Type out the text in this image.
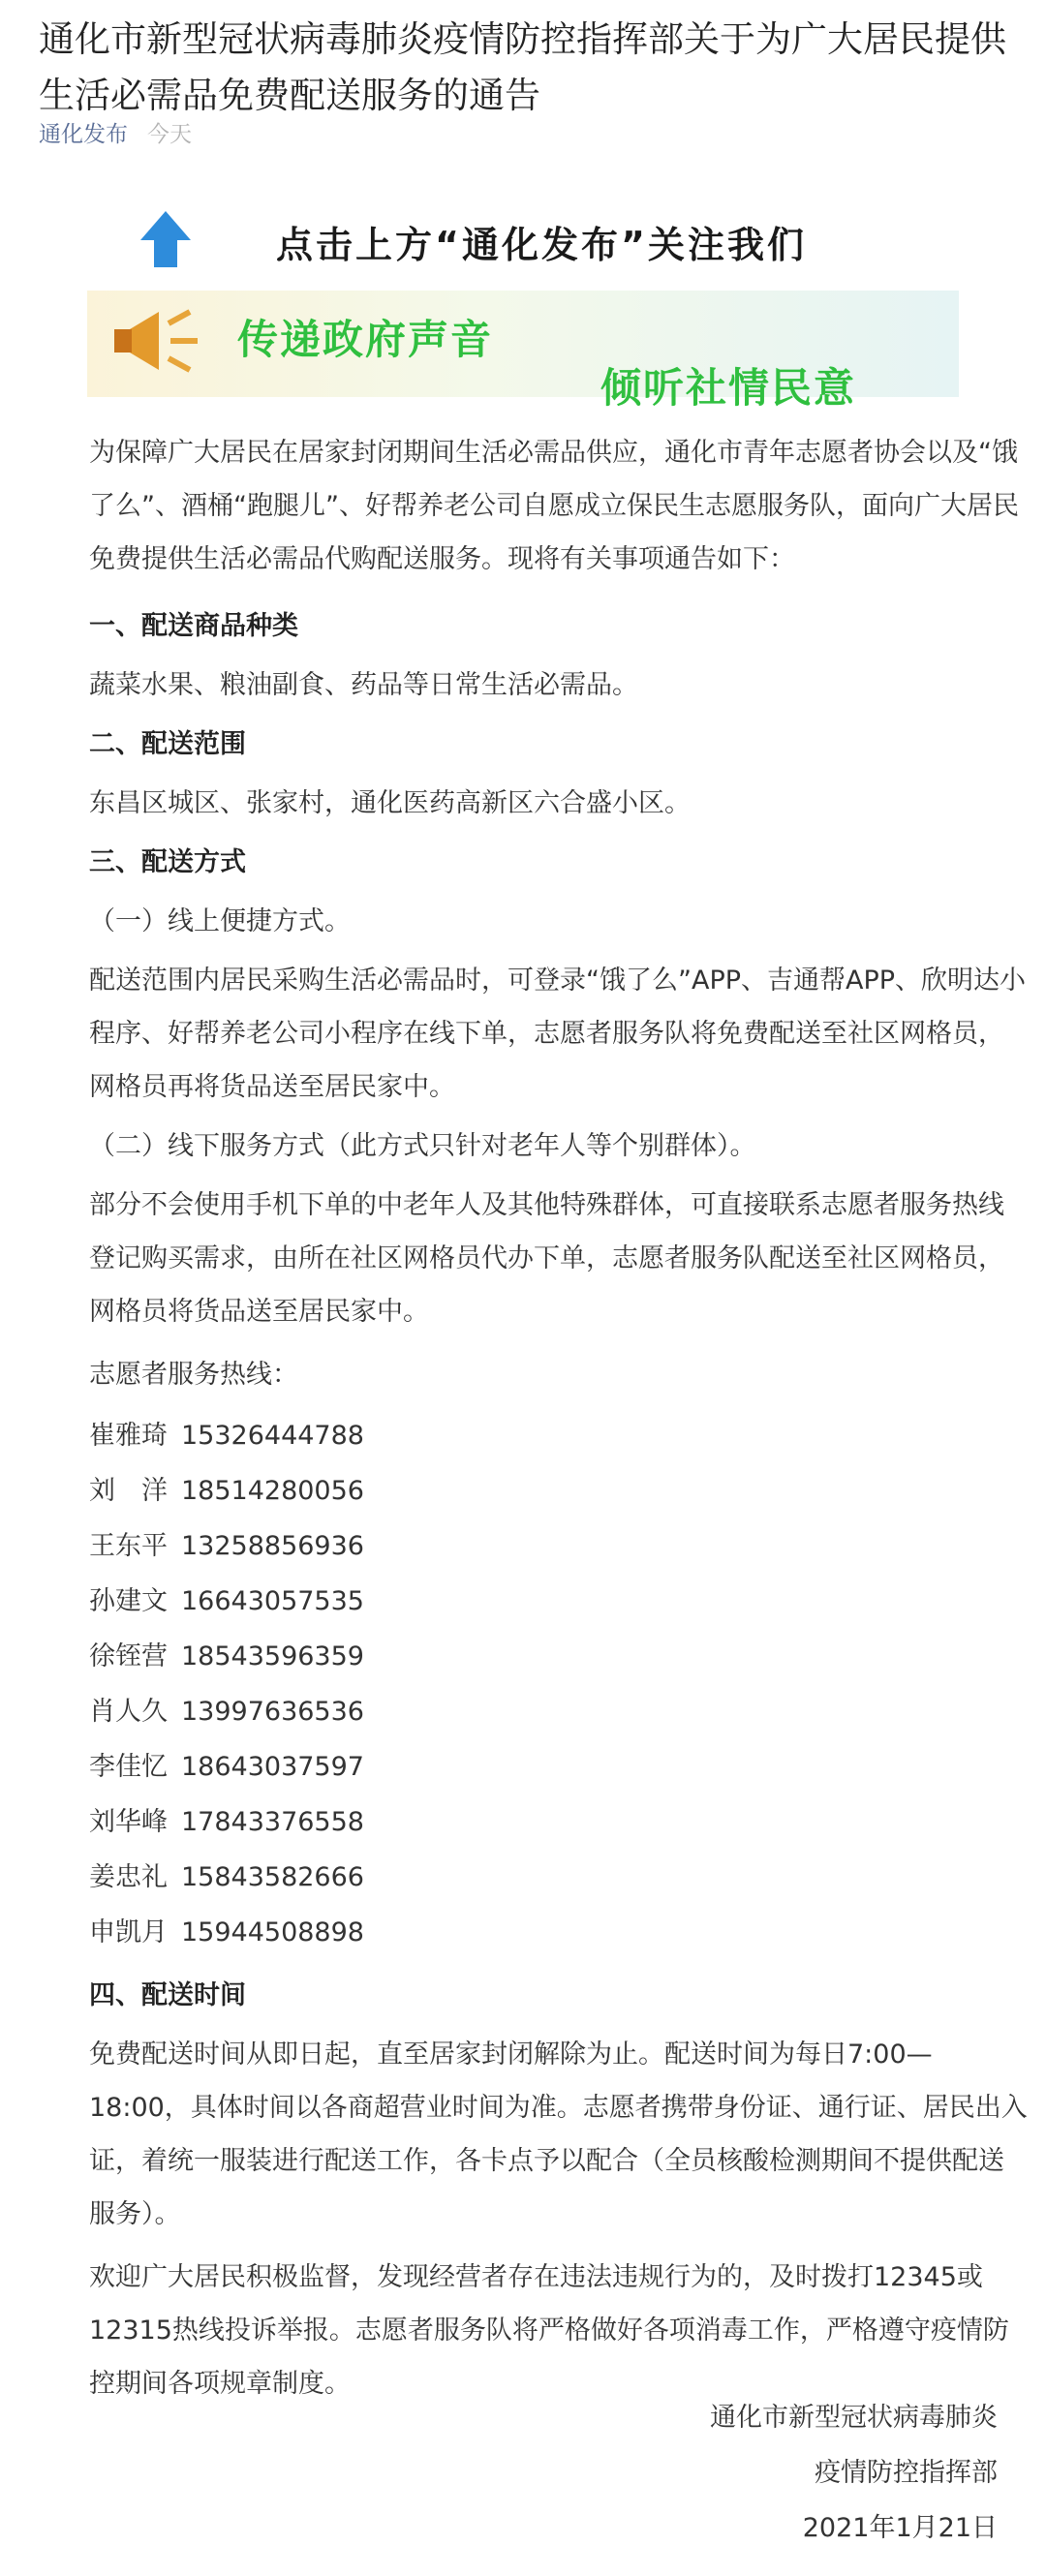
通化市新型冠状病毒肺炎疫情防控指挥部关于为广大居民提供生活必需品免费配送服务的通告
通化发布 今天
点击上方“通化发布”关注我们
传递政府声音
倾听社情民意

为保障广大居民在居家封闭期间生活必需品供应，通化市青年志愿者协会以及“饿了么”、酒桶“跑腿儿”、好帮养老公司自愿成立保民生志愿服务队，面向广大居民免费提供生活必需品代购配送服务。现将有关事项通告如下：

一、配送商品种类

蔬菜水果、粮油副食、药品等日常生活必需品。

二、配送范围

东昌区城区、张家村，通化医药高新区六合盛小区。

三、配送方式

（一）线上便捷方式。

配送范围内居民采购生活必需品时，可登录“饿了么”APP、吉通帮APP、欣明达小程序、好帮养老公司小程序在线下单，志愿者服务队将免费配送至社区网格员，网格员再将货品送至居民家中。

（二）线下服务方式（此方式只针对老年人等个别群体）。

部分不会使用手机下单的中老年人及其他特殊群体，可直接联系志愿者服务热线登记购买需求，由所在社区网格员代办下单，志愿者服务队配送至社区网格员，网格员将货品送至居民家中。

志愿者服务热线：

崔雅琦 15326444788
刘　洋 18514280056
王东平 13258856936
孙建文 16643057535
徐铚营 18543596359
肖人久 13997636536
李佳忆 18643037597
刘华峰 17843376558
姜忠礼 15843582666
申凯月 15944508898

四、配送时间

免费配送时间从即日起，直至居家封闭解除为止。配送时间为每日7:00—18:00，具体时间以各商超营业时间为准。志愿者携带身份证、通行证、居民出入证，着统一服装进行配送工作，各卡点予以配合（全员核酸检测期间不提供配送服务）。

欢迎广大居民积极监督，发现经营者存在违法违规行为的，及时拨打12345或12315热线投诉举报。志愿者服务队将严格做好各项消毒工作，严格遵守疫情防控期间各项规章制度。

通化市新型冠状病毒肺炎
疫情防控指挥部
2021年1月21日
